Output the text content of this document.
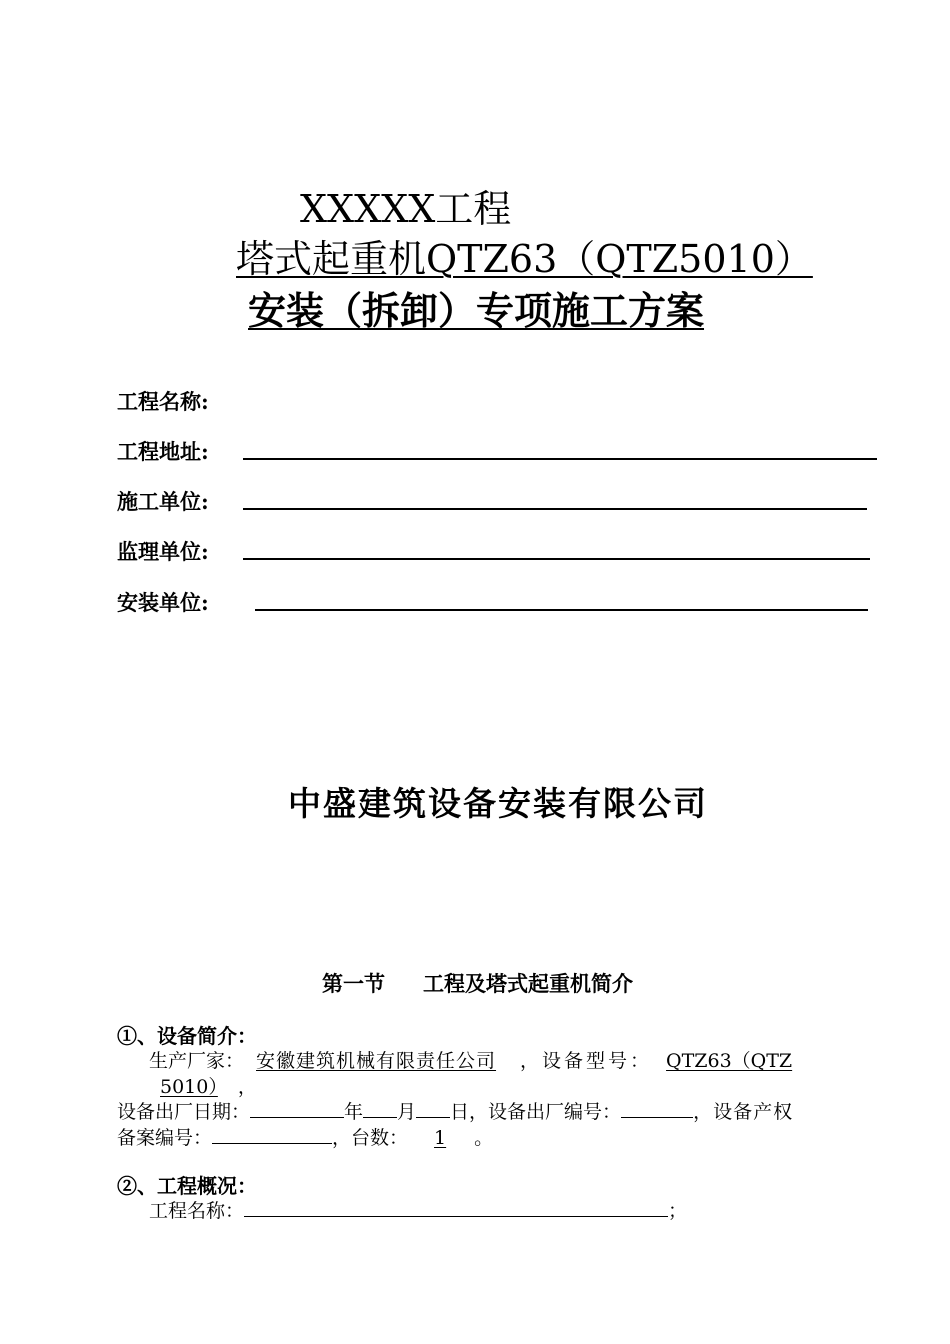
XXXXX工程
塔式起重机QTZ63（QTZ5010）
安装（拆卸）专项施工方案
工程名称:
工程地址:
施工单位:
监理单位:
安装单位:
中盛建筑设备安装有限公司
第一节 工程及塔式起重机简介
①、设备简介：
生产厂家： 安徽建筑机械有限责任公司 ，设备型号： QTZ63（QTZ
5010） ，
设备出厂日期：	年 月 日，设备出厂编号：	，设备产权
备案编号：	，台数： 1 。
②、工程概况：
工程名称：	；
